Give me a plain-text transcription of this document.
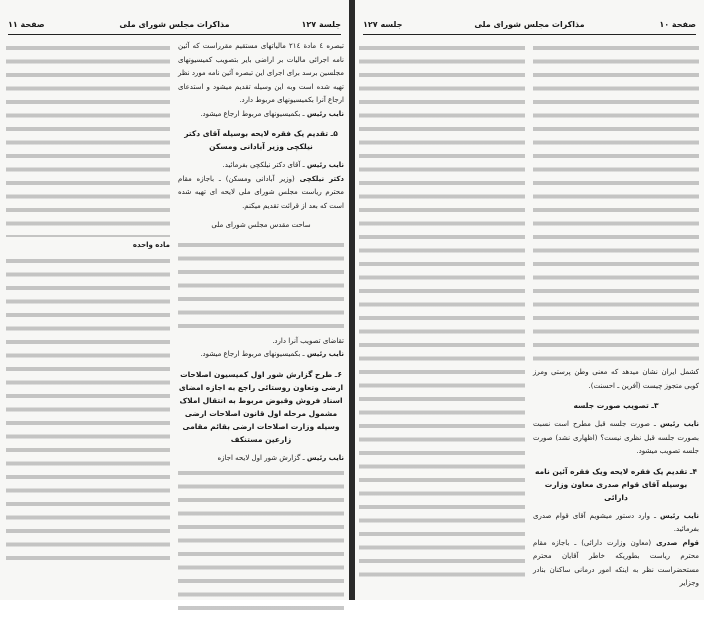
جلسة ۱۲۷
مذاکرات مجلس شورای ملی
صفحة ۱۱
تبصره ٤ مادة ۲۱٤ مالیاتهای مستقیم مقرراست که آئین نامه اجرائی مالیات بر اراضی بایر بتصویب کمیسیونهای مجلسین برسد برای اجرای این تبصره آئین نامه مورد نظر تهیه شده است وبه این وسیله تقدیم میشود و استدعای ارجاع آنرا بکمیسیونهای مربوط دارد.
نایب رئیس ـ بکمیسیونهای مربوط ارجاع میشود.
۵ـ تقدیم یک فقره لایحه بوسیله آقای دکتر نیلکچی وزیر آبادانی ومسکن
نایب رئیس ـ آقای دکتر نیلکچی بفرمائید.
دکتر نیلکچی (وزیر آبادانی ومسکن) ـ باجازه مقام محترم ریاست مجلس شورای ملی لایحه ای تهیه شده است که بعد از قرائت تقدیم میکنم.
ساحت مقدس مجلس شورای ملی
تقاضای تصویب آنرا دارد.
نایب رئیس ـ بکمیسیونهای مربوط ارجاع میشود.
۶ـ طرح گزارش شور اول کمیسیون اصلاحات ارضی وتعاون روستائی راجع به اجازه امضای اسناد فروش وقبوض مربوط به انتقال املاک مشمول مرحله اول قانون اصلاحات ارضی وسیله وزارت اصلاحات ارضی بقائم مقامی زارعین مستنکف
نایب رئیس ـ گزارش شور اول لایحه اجازه
ماده واحده
صفحة ۱۰
مذاکرات مجلس شورای ملی
جلسه ۱۲۷
کشمل ایران نشان میدهد که معنی وطن پرستی ومرز کوبی متجوز چیست (آفرین ـ احسنت).
۳ـ تصویب صورت جلسه
نایب رئیس ـ صورت جلسه قبل مطرح است نسبت بصورت جلسه قبل نظری نیست؟ (اظهاری نشد) صورت جلسه تصویب میشود.
۴ـ تقدیم یک فقره لایحه ویک فقره آئین نامه بوسیله آقای قوام صدری معاون وزارت دارائی
نایب رئیس ـ وارد دستور میشویم آقای قوام صدری بفرمائید.
قوام صدری (معاون وزارت دارائی) ـ باجازه مقام محترم ریاست بطوریکه خاطر آقایان محترم مستحضراست نظر به اینکه امور درمانی ساکنان بنادر وجزایر
